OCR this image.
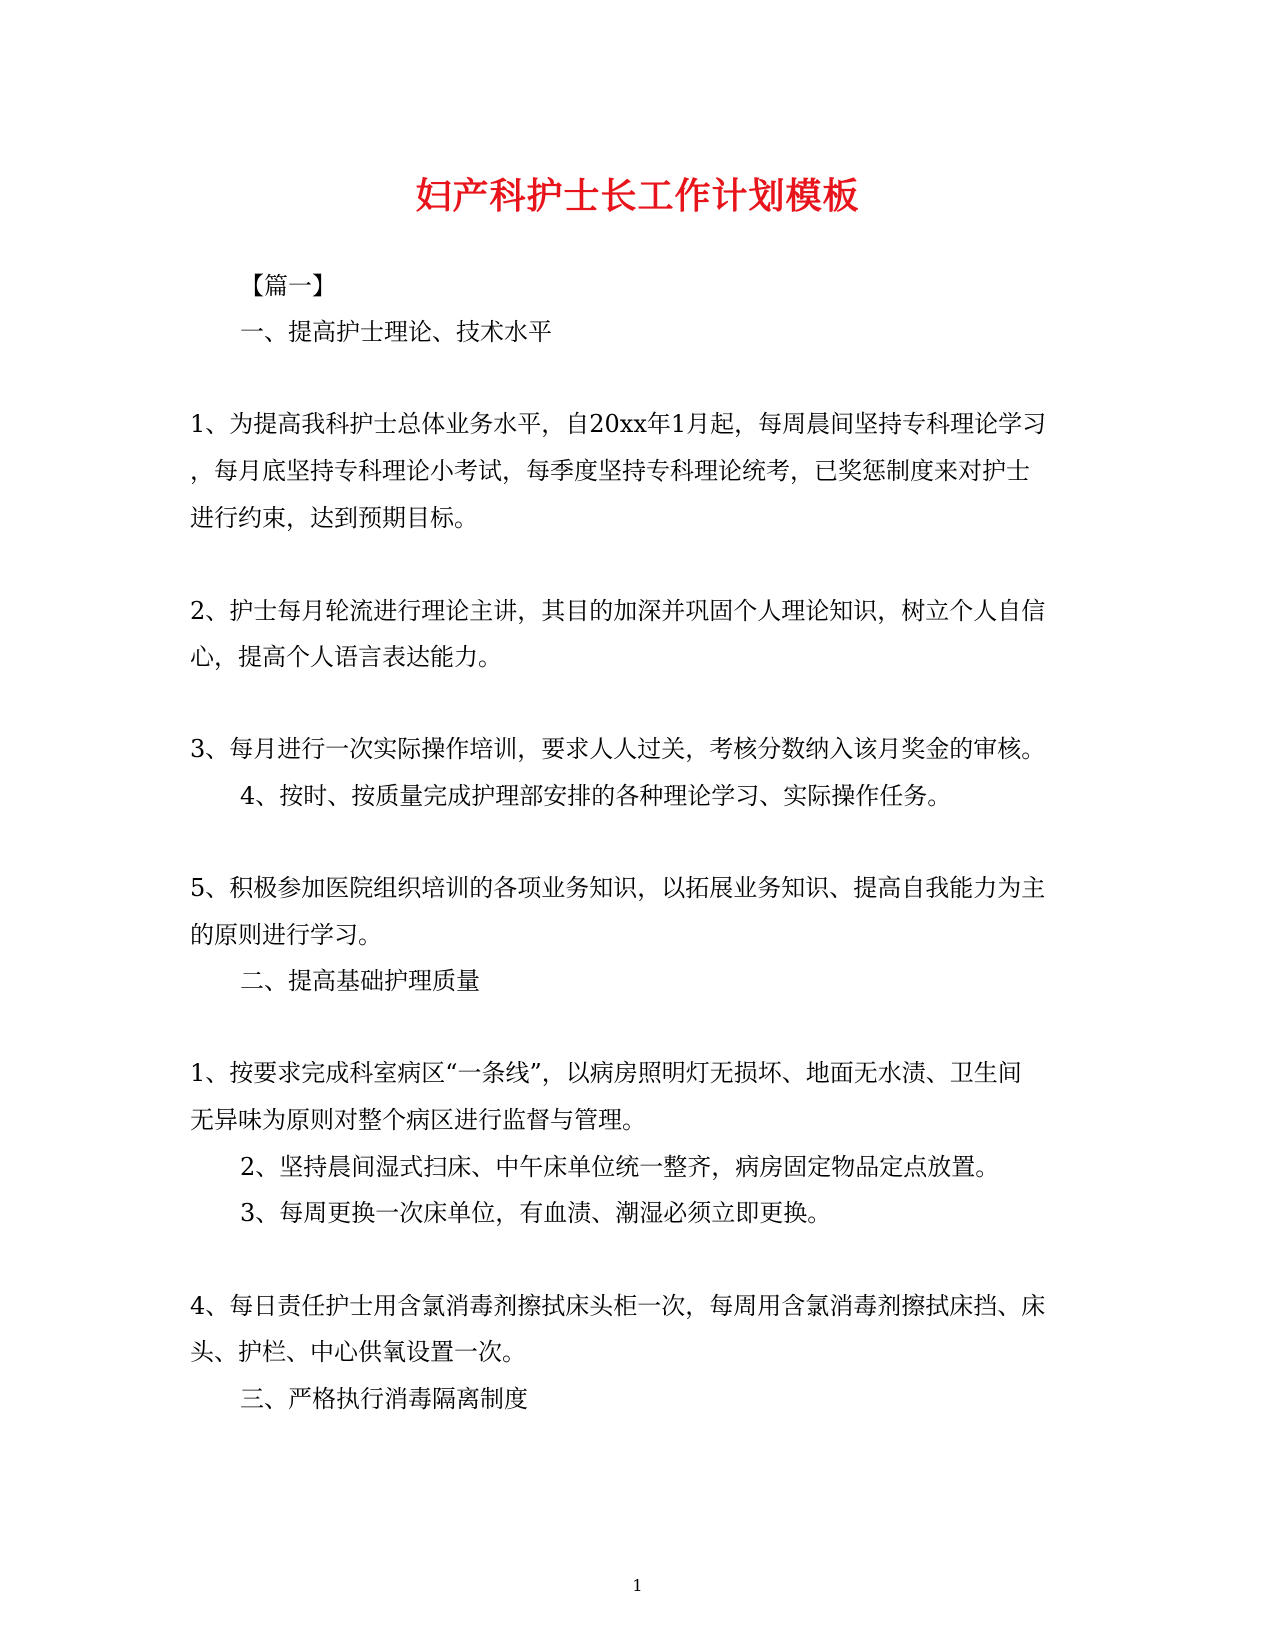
妇产科护士长工作计划模板
【篇一】
一、提高护士理论、技术水平
1、为提高我科护士总体业务水平，自20xx年1月起，每周晨间坚持专科理论学习
，每月底坚持专科理论小考试，每季度坚持专科理论统考，已奖惩制度来对护士
进行约束，达到预期目标。
2、护士每月轮流进行理论主讲，其目的加深并巩固个人理论知识，树立个人自信
心，提高个人语言表达能力。
3、每月进行一次实际操作培训，要求人人过关，考核分数纳入该月奖金的审核。
4、按时、按质量完成护理部安排的各种理论学习、实际操作任务。
5、积极参加医院组织培训的各项业务知识，以拓展业务知识、提高自我能力为主
的原则进行学习。
二、提高基础护理质量
1、按要求完成科室病区“一条线”，以病房照明灯无损坏、地面无水渍、卫生间
无异味为原则对整个病区进行监督与管理。
2、坚持晨间湿式扫床、中午床单位统一整齐，病房固定物品定点放置。
3、每周更换一次床单位，有血渍、潮湿必须立即更换。
4、每日责任护士用含氯消毒剂擦拭床头柜一次，每周用含氯消毒剂擦拭床挡、床
头、护栏、中心供氧设置一次。
三、严格执行消毒隔离制度
1
